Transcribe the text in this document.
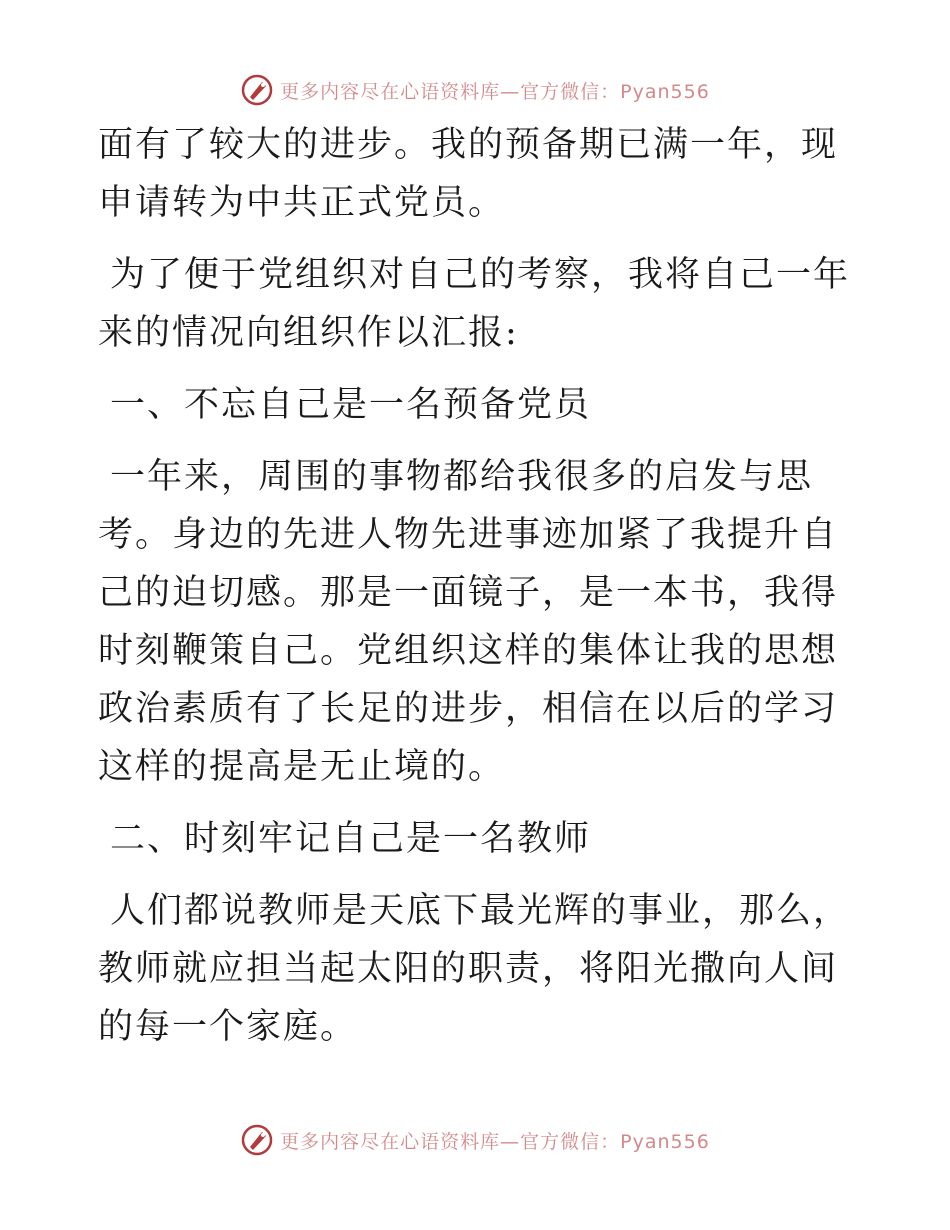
更多内容尽在心语资料库—官方微信：Pyan556

面有了较大的进步。我的预备期已满一年，现申请转为中共正式党员。

为了便于党组织对自己的考察，我将自己一年来的情况向组织作以汇报:

一、不忘自己是一名预备党员

一年来，周围的事物都给我很多的启发与思考。身边的先进人物先进事迹加紧了我提升自己的迫切感。那是一面镜子，是一本书，我得时刻鞭策自己。党组织这样的集体让我的思想政治素质有了长足的进步，相信在以后的学习这样的提高是无止境的。

二、时刻牢记自己是一名教师

人们都说教师是天底下最光辉的事业，那么，教师就应担当起太阳的职责，将阳光撒向人间的每一个家庭。

更多内容尽在心语资料库—官方微信：Pyan556
